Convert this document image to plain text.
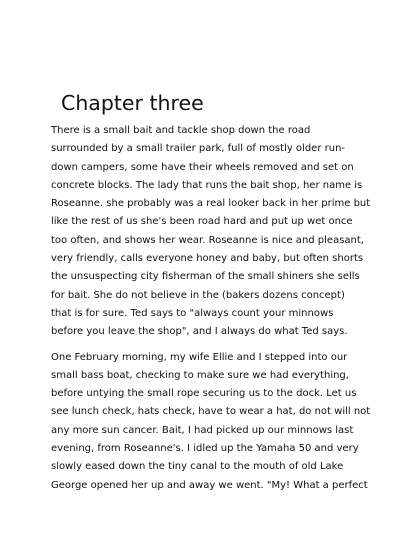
Chapter three

There is a small bait and tackle shop down the road
surrounded by a small trailer park, full of mostly older run-
down campers, some have their wheels removed and set on
concrete blocks. The lady that runs the bait shop, her name is
Roseanne. she probably was a real looker back in her prime but
like the rest of us she's been road hard and put up wet once
too often, and shows her wear. Roseanne is nice and pleasant,
very friendly, calls everyone honey and baby, but often shorts
the unsuspecting city fisherman of the small shiners she sells
for bait. She do not believe in the (bakers dozens concept)
that is for sure. Ted says to "always count your minnows
before you leave the shop", and I always do what Ted says.

One February morning, my wife Ellie and I stepped into our
small bass boat, checking to make sure we had everything,
before untying the small rope securing us to the dock. Let us
see lunch check, hats check, have to wear a hat, do not will not
any more sun cancer. Bait, I had picked up our minnows last
evening, from Roseanne's. I idled up the Yamaha 50 and very
slowly eased down the tiny canal to the mouth of old Lake
George opened her up and away we went. "My! What a perfect
